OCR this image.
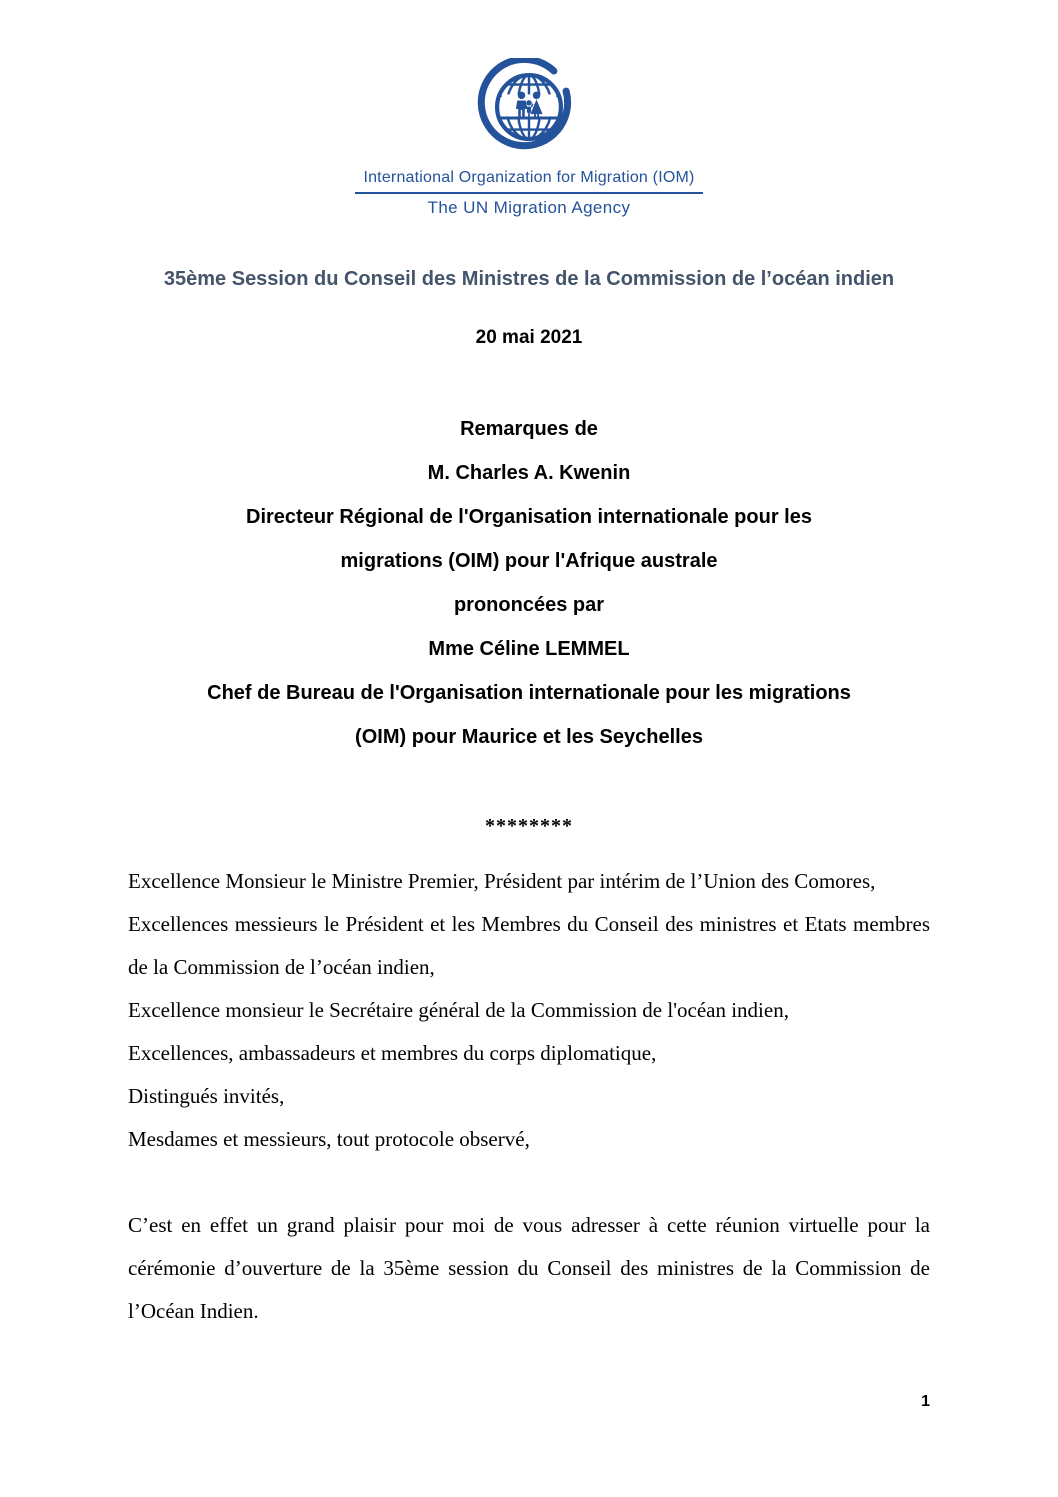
International Organization for Migration (IOM)
The UN Migration Agency
35ème Session du Conseil des Ministres de la Commission de l’océan indien
20 mai 2021
Remarques de
M. Charles A. Kwenin
Directeur Régional de l'Organisation internationale pour les
migrations (OIM) pour l'Afrique australe
prononcées par
Mme Céline LEMMEL
Chef de Bureau de l'Organisation internationale pour les migrations
(OIM) pour Maurice et les Seychelles
********

Excellence Monsieur le Ministre Premier, Président par intérim de l’Union des Comores,

Excellences messieurs le Président et les Membres du Conseil des ministres et Etats membres de la Commission de l’océan indien,

Excellence monsieur le Secrétaire général de la Commission de l'océan indien,

Excellences, ambassadeurs et membres du corps diplomatique,

Distingués invités,

Mesdames et messieurs, tout protocole observé,

C’est en effet un grand plaisir pour moi de vous adresser à cette réunion virtuelle pour la cérémonie d’ouverture de la 35ème session du Conseil des ministres de la Commission de l’Océan Indien.

1
